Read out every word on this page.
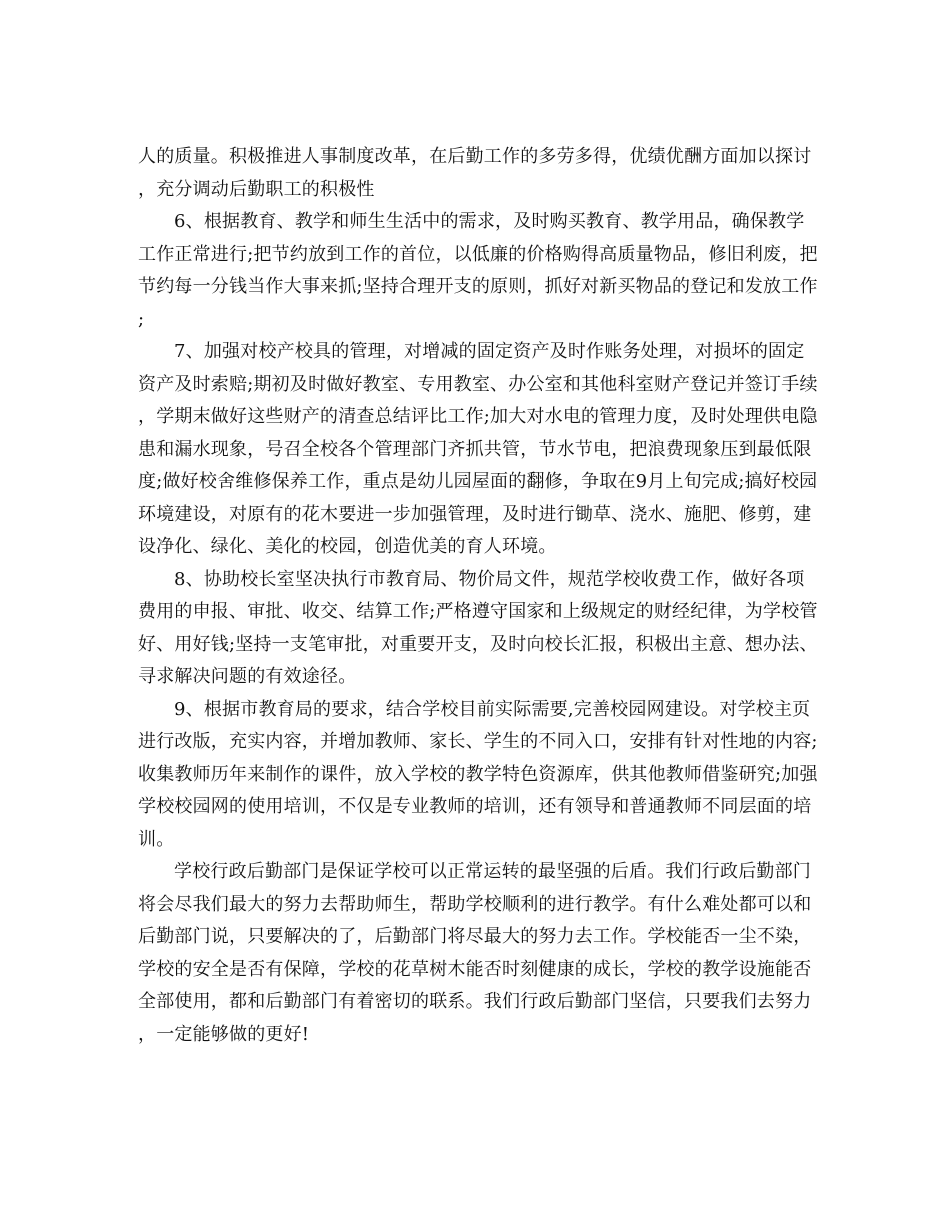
人的质量。积极推进人事制度改革，在后勤工作的多劳多得，优绩优酬方面加以探讨，充分调动后勤职工的积极性

6、根据教育、教学和师生生活中的需求，及时购买教育、教学用品，确保教学工作正常进行;把节约放到工作的首位，以低廉的价格购得高质量物品，修旧利废，把节约每一分钱当作大事来抓;坚持合理开支的原则，抓好对新买物品的登记和发放工作;

7、加强对校产校具的管理，对增减的固定资产及时作账务处理，对损坏的固定资产及时索赔;期初及时做好教室、专用教室、办公室和其他科室财产登记并签订手续，学期末做好这些财产的清查总结评比工作;加大对水电的管理力度，及时处理供电隐患和漏水现象，号召全校各个管理部门齐抓共管，节水节电，把浪费现象压到最低限度;做好校舍维修保养工作，重点是幼儿园屋面的翻修，争取在9月上旬完成;搞好校园环境建设，对原有的花木要进一步加强管理，及时进行锄草、浇水、施肥、修剪，建设净化、绿化、美化的校园，创造优美的育人环境。

8、协助校长室坚决执行市教育局、物价局文件，规范学校收费工作，做好各项费用的申报、审批、收交、结算工作;严格遵守国家和上级规定的财经纪律，为学校管好、用好钱;坚持一支笔审批，对重要开支，及时向校长汇报，积极出主意、想办法、寻求解决问题的有效途径。

9、根据市教育局的要求，结合学校目前实际需要,完善校园网建设。对学校主页进行改版，充实内容，并增加教师、家长、学生的不同入口，安排有针对性地的内容;收集教师历年来制作的课件，放入学校的教学特色资源库，供其他教师借鉴研究;加强学校校园网的使用培训，不仅是专业教师的培训，还有领导和普通教师不同层面的培训。

学校行政后勤部门是保证学校可以正常运转的最坚强的后盾。我们行政后勤部门将会尽我们最大的努力去帮助师生，帮助学校顺利的进行教学。有什么难处都可以和后勤部门说，只要解决的了，后勤部门将尽最大的努力去工作。学校能否一尘不染，学校的安全是否有保障，学校的花草树木能否时刻健康的成长，学校的教学设施能否全部使用，都和后勤部门有着密切的联系。我们行政后勤部门坚信，只要我们去努力，一定能够做的更好!
